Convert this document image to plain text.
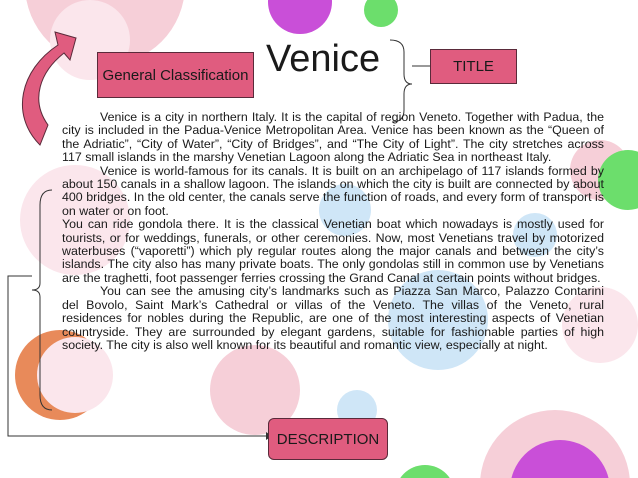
General Classification Venice	TITLE

Venice is a city in northern Italy. It is the capital of region Veneto. Together with Padua, the city is included in the Padua-Venice Metropolitan Area. Venice has been known as the “Queen of the Adriatic”, “City of Water”, “City of Bridges”, and “The City of Light”. The city stretches across 117 small islands in the marshy Venetian Lagoon along the Adriatic Sea in northeast Italy.

Venice is world-famous for its canals. It is built on an archipelago of 117 islands formed by about 150 canals in a shallow lagoon. The islands on which the city is built are connected by about 400 bridges. In the old center, the canals serve the function of roads, and every form of transport is on water or on foot.

You can ride gondola there. It is the classical Venetian boat which nowadays is mostly used for tourists, or for weddings, funerals, or other ceremonies. Now, most Venetians travel by motorized waterbuses (“vaporetti”) which ply regular routes along the major canals and between the city’s islands. The city also has many private boats. The only gondolas still in common use by Venetians are the traghetti, foot passenger ferries crossing the Grand Canal at certain points without bridges.

You can see the amusing city’s landmarks such as Piazza San Marco, Palazzo Contarini del Bovolo, Saint Mark’s Cathedral or villas of the Veneto. The villas of the Veneto, rural residences for nobles during the Republic, are one of the most interesting aspects of Venetian countryside. They are surrounded by elegant gardens, suitable for fashionable parties of high society. The city is also well known for its beautiful and romantic view, especially at night.

DESCRIPTION
